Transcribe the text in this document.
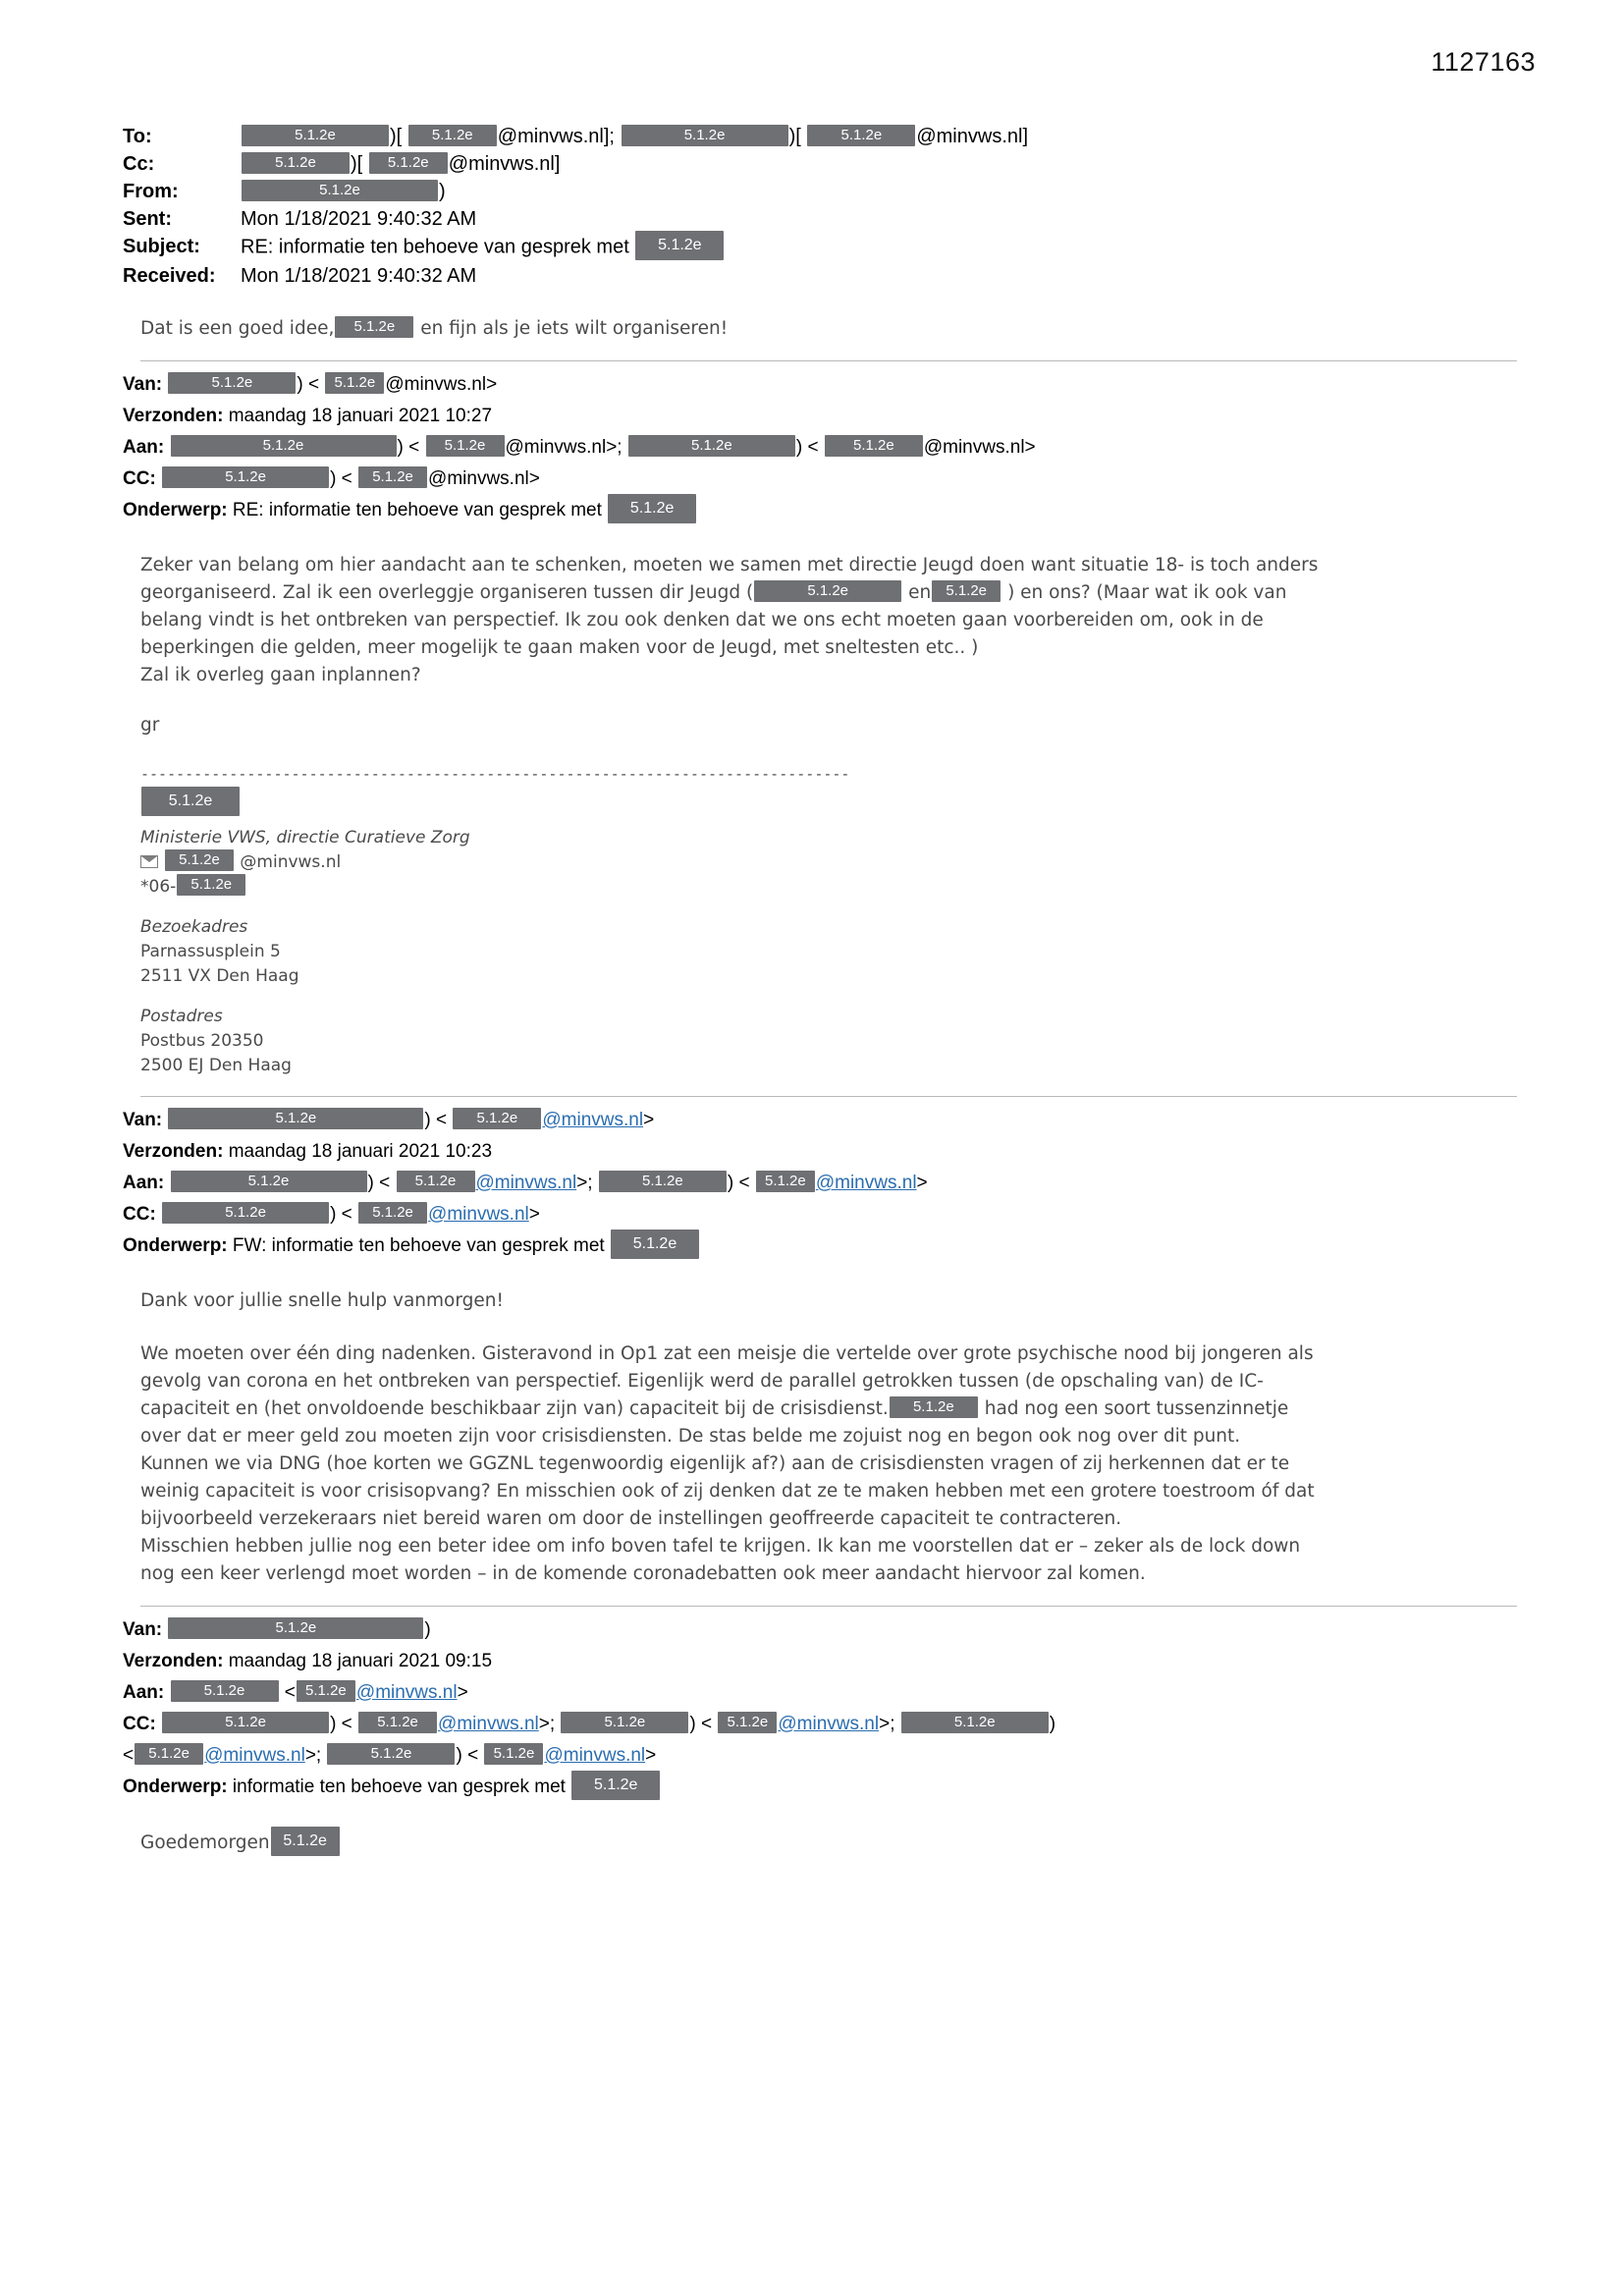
1127163
To:	5.1.2e	)[ 5.1.2e @minvws.nl];	5.1.2e	)[	5.1.2e @minvws.nl]
Cc:	5.1.2e )[ 5.1.2e @minvws.nl]
From:	5.1.2e	)
Sent:	Mon 1/18/2021 9:40:32 AM
Subject:	RE: informatie ten behoeve van gesprek met 5.1.2e
Received:	Mon 1/18/2021 9:40:32 AM

Dat is een goed idee, 5.1.2e en fijn als je iets wilt organiseren!

Van:	5.1.2e ) < 5.1.2e @minvws.nl>
Verzonden: maandag 18 januari 2021 10:27
Aan:	5.1.2e	) < 5.1.2e @minvws.nl>;	5.1.2e	) < 5.1.2e @minvws.nl>
CC:	5.1.2e	) < 5.1.2e @minvws.nl>
Onderwerp: RE: informatie ten behoeve van gesprek met 5.1.2e

Zeker van belang om hier aandacht aan te schenken, moeten we samen met directie Jeugd doen want situatie 18- is toch anders

georganiseerd. Zal ik een overleggje organiseren tussen dir Jeugd (	5.1.2e	en 5.1.2e ) en ons? (Maar wat ik ook van

belang vindt is het ontbreken van perspectief. Ik zou ook denken dat we ons echt moeten gaan voorbereiden om, ook in de

beperkingen die gelden, meer mogelijk te gaan maken voor de Jeugd, met sneltesten etc.. )

Zal ik overleg gaan inplannen?

gr
--------------------------------------------------------------------------------
5.1.2e
Ministerie VWS, directie Curatieve Zorg
5.1.2e @minvws.nl
*06- 5.1.2e
Bezoekadres
Parnassusplein 5
2511 VX Den Haag
Postadres
Postbus 20350
2500 EJ Den Haag
Van:	5.1.2e	) < 5.1.2e @minvws.nl>
Verzonden: maandag 18 januari 2021 10:23
Aan:	5.1.2e	) < 5.1.2e @minvws.nl>;	5.1.2e ) < 5.1.2e @minvws.nl>
CC:	5.1.2e	) < 5.1.2e @minvws.nl>
Onderwerp: FW: informatie ten behoeve van gesprek met 5.1.2e

Dank voor jullie snelle hulp vanmorgen!

We moeten over één ding nadenken. Gisteravond in Op1 zat een meisje die vertelde over grote psychische nood bij jongeren als

gevolg van corona en het ontbreken van perspectief. Eigenlijk werd de parallel getrokken tussen (de opschaling van) de IC-

capaciteit en (het onvoldoende beschikbaar zijn van) capaciteit bij de crisisdienst. 5.1.2e had nog een soort tussenzinnetje

over dat er meer geld zou moeten zijn voor crisisdiensten. De stas belde me zojuist nog en begon ook nog over dit punt.

Kunnen we via DNG (hoe korten we GGZNL tegenwoordig eigenlijk af?) aan de crisisdiensten vragen of zij herkennen dat er te

weinig capaciteit is voor crisisopvang? En misschien ook of zij denken dat ze te maken hebben met een grotere toestroom óf dat

bijvoorbeeld verzekeraars niet bereid waren om door de instellingen geoffreerde capaciteit te contracteren.

Misschien hebben jullie nog een beter idee om info boven tafel te krijgen. Ik kan me voorstellen dat er – zeker als de lock down

nog een keer verlengd moet worden – in de komende coronadebatten ook meer aandacht hiervoor zal komen.

Van:	5.1.2e	)
Verzonden: maandag 18 januari 2021 09:15
Aan:	5.1.2e < 5.1.2e @minvws.nl>
CC:	5.1.2e	) < 5.1.2e @minvws.nl>;	5.1.2e ) < 5.1.2e @minvws.nl>;	5.1.2e	)
< 5.1.2e @minvws.nl>;	5.1.2e ) < 5.1.2e @minvws.nl>
Onderwerp: informatie ten behoeve van gesprek met 5.1.2e

Goedemorgen 5.1.2e
